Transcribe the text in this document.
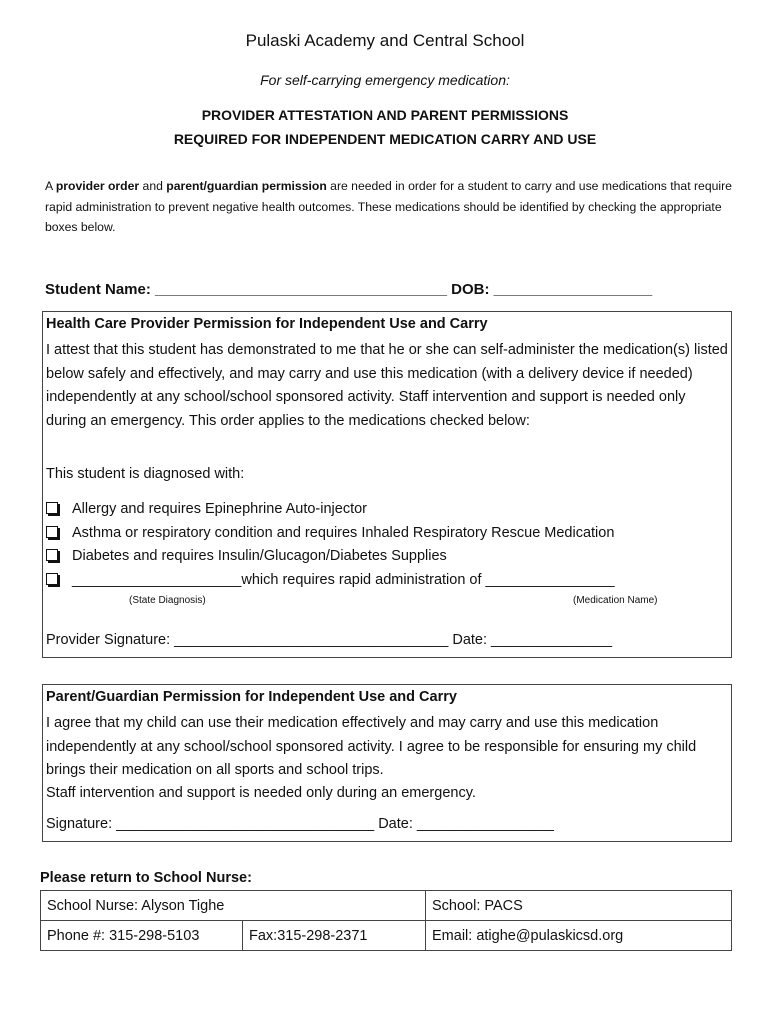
Pulaski Academy and Central School
For self-carrying emergency medication:
PROVIDER ATTESTATION AND PARENT PERMISSIONS
REQUIRED FOR INDEPENDENT MEDICATION CARRY AND USE
A provider order and parent/guardian permission are needed in order for a student to carry and use medications that require rapid administration to prevent negative health outcomes. These medications should be identified by checking the appropriate boxes below.
Student Name: ___________________________________ DOB: ___________________
Health Care Provider Permission for Independent Use and Carry
I attest that this student has demonstrated to me that he or she can self-administer the medication(s) listed below safely and effectively, and may carry and use this medication (with a delivery device if needed) independently at any school/school sponsored activity. Staff intervention and support is needed only during an emergency. This order applies to the medications checked below:
This student is diagnosed with:
Allergy and requires Epinephrine Auto-injector
Asthma or respiratory condition and requires Inhaled Respiratory Rescue Medication
Diabetes and requires Insulin/Glucagon/Diabetes Supplies
_____________________which requires rapid administration of ________________
(State Diagnosis)	(Medication Name)
Provider Signature: __________________________________ Date: _______________
Parent/Guardian Permission for Independent Use and Carry
I agree that my child can use their medication effectively and may carry and use this medication independently at any school/school sponsored activity. I agree to be responsible for ensuring my child brings their medication on all sports and school trips.
Staff intervention and support is needed only during an emergency.
Signature: ________________________________ Date: _________________
Please return to School Nurse:
School Nurse: Alyson Tighe		School: PACS
Phone #: 315-298-5103	Fax:315-298-2371	Email: atighe@pulaskicsd.org
